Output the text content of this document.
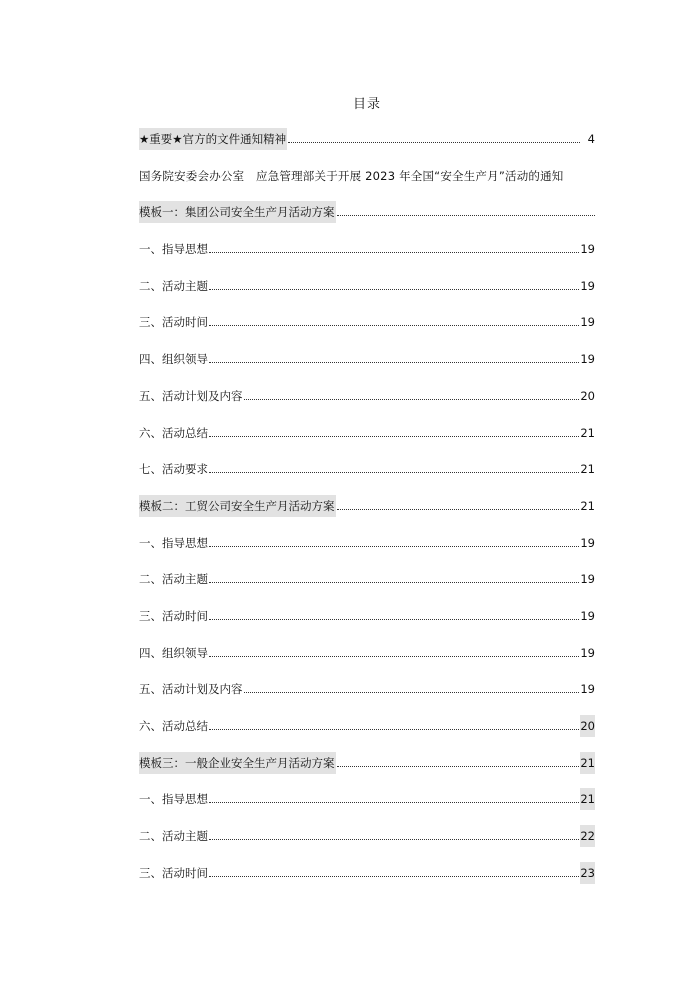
目录
★重要★官方的文件通知精神	4
国务院安委会办公室　应急管理部关于开展 2023 年全国“安全生产月”活动的通知
模板一：集团公司安全生产月活动方案
一、指导思想	19
二、活动主题	19
三、活动时间	19
四、组织领导	19
五、活动计划及内容	20
六、活动总结	21
七、活动要求	21
模板二：工贸公司安全生产月活动方案	21
一、指导思想	19
二、活动主题	19
三、活动时间	19
四、组织领导	19
五、活动计划及内容	19
六、活动总结	20
模板三：一般企业安全生产月活动方案	21
一、指导思想	21
二、活动主题	22
三、活动时间	23
